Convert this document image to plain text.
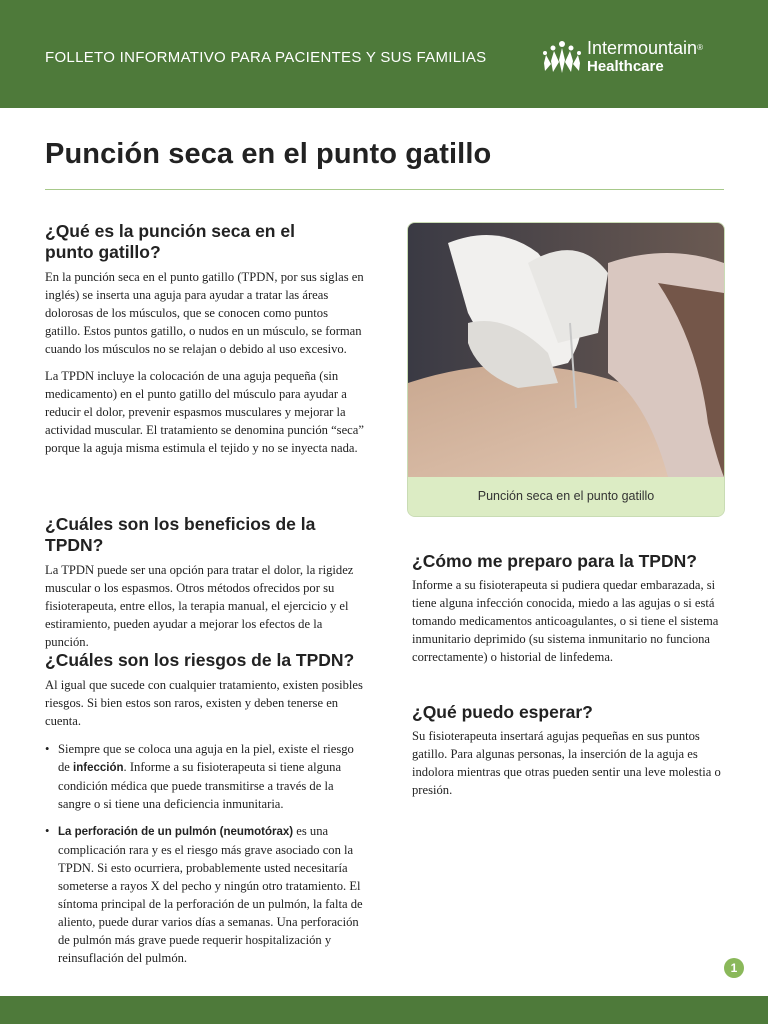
FOLLETO INFORMATIVO PARA PACIENTES Y SUS FAMILIAS	Intermountain®
Healthcare
Punción seca en el punto gatillo
¿Qué es la punción seca en el punto gatillo?

En la punción seca en el punto gatillo (TPDN, por sus siglas en inglés) se inserta una aguja para ayudar a tratar las áreas dolorosas de los músculos, que se conocen como puntos gatillo. Estos puntos gatillo, o nudos en un músculo, se forman cuando los músculos no se relajan o debido al uso excesivo.

La TPDN incluye la colocación de una aguja pequeña (sin medicamento) en el punto gatillo del músculo para ayudar a reducir el dolor, prevenir espasmos musculares y mejorar la actividad muscular. El tratamiento se denomina punción “seca” porque la aguja misma estimula el tejido y no se inyecta nada.

¿Cuáles son los beneficios de la TPDN?

La TPDN puede ser una opción para tratar el dolor, la rigidez muscular o los espasmos. Otros métodos ofrecidos por su fisioterapeuta, entre ellos, la terapia manual, el ejercicio y el estiramiento, pueden ayudar a mejorar los efectos de la punción.

¿Cuáles son los riesgos de la TPDN?

Al igual que sucede con cualquier tratamiento, existen posibles riesgos. Si bien estos son raros, existen y deben tenerse en cuenta.

• Siempre que se coloca una aguja en la piel, existe el riesgo de infección. Informe a su fisioterapeuta si tiene alguna condición médica que puede transmitirse a través de la sangre o si tiene una deficiencia inmunitaria.
• La perforación de un pulmón (neumotórax) es una complicación rara y es el riesgo más grave asociado con la TPDN. Si esto ocurriera, probablemente usted necesitaría someterse a rayos X del pecho y ningún otro tratamiento. El síntoma principal de la perforación de un pulmón, la falta de aliento, puede durar varios días a semanas. Una perforación de pulmón más grave puede requerir hospitalización y reinsuflación del pulmón.
Punción seca en el punto gatillo
¿Cómo me preparo para la TPDN?

Informe a su fisioterapeuta si pudiera quedar embarazada, si tiene alguna infección conocida, miedo a las agujas o si está tomando medicamentos anticoagulantes, o si tiene el sistema inmunitario deprimido (su sistema inmunitario no funciona correctamente) o historial de linfedema.

¿Qué puedo esperar?

Su fisioterapeuta insertará agujas pequeñas en sus puntos gatillo. Para algunas personas, la inserción de la aguja es indolora mientras que otras pueden sentir una leve molestia o presión.

1
